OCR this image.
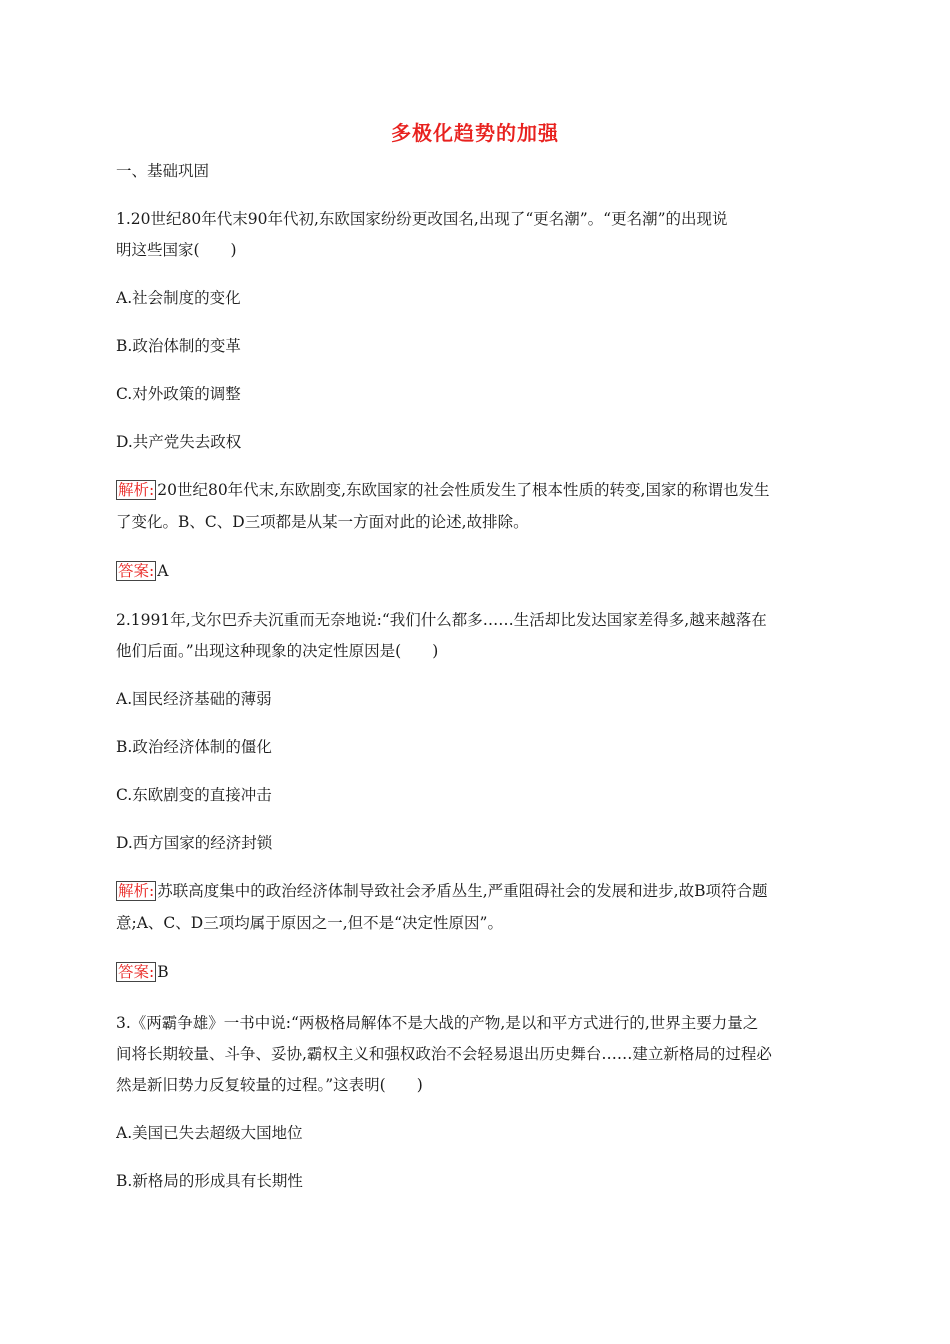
多极化趋势的加强
一、基础巩固
1.20世纪80年代末90年代初,东欧国家纷纷更改国名,出现了“更名潮”。“更名潮”的出现说
明这些国家(　　)
A.社会制度的变化
B.政治体制的变革
C.对外政策的调整
D.共产党失去政权
解析: 20世纪80年代末,东欧剧变,东欧国家的社会性质发生了根本性质的转变,国家的称谓也发生
了变化。B、C、D三项都是从某一方面对此的论述,故排除。
答案: A
2.1991年,戈尔巴乔夫沉重而无奈地说:“我们什么都多……生活却比发达国家差得多,越来越落在
他们后面。”出现这种现象的决定性原因是(　　)
A.国民经济基础的薄弱
B.政治经济体制的僵化
C.东欧剧变的直接冲击
D.西方国家的经济封锁
解析: 苏联高度集中的政治经济体制导致社会矛盾丛生,严重阻碍社会的发展和进步,故B项符合题
意;A、C、D三项均属于原因之一,但不是“决定性原因”。
答案: B
3.《两霸争雄》一书中说:“两极格局解体不是大战的产物,是以和平方式进行的,世界主要力量之
间将长期较量、斗争、妥协,霸权主义和强权政治不会轻易退出历史舞台……建立新格局的过程必
然是新旧势力反复较量的过程。”这表明(　　)
A.美国已失去超级大国地位
B.新格局的形成具有长期性
